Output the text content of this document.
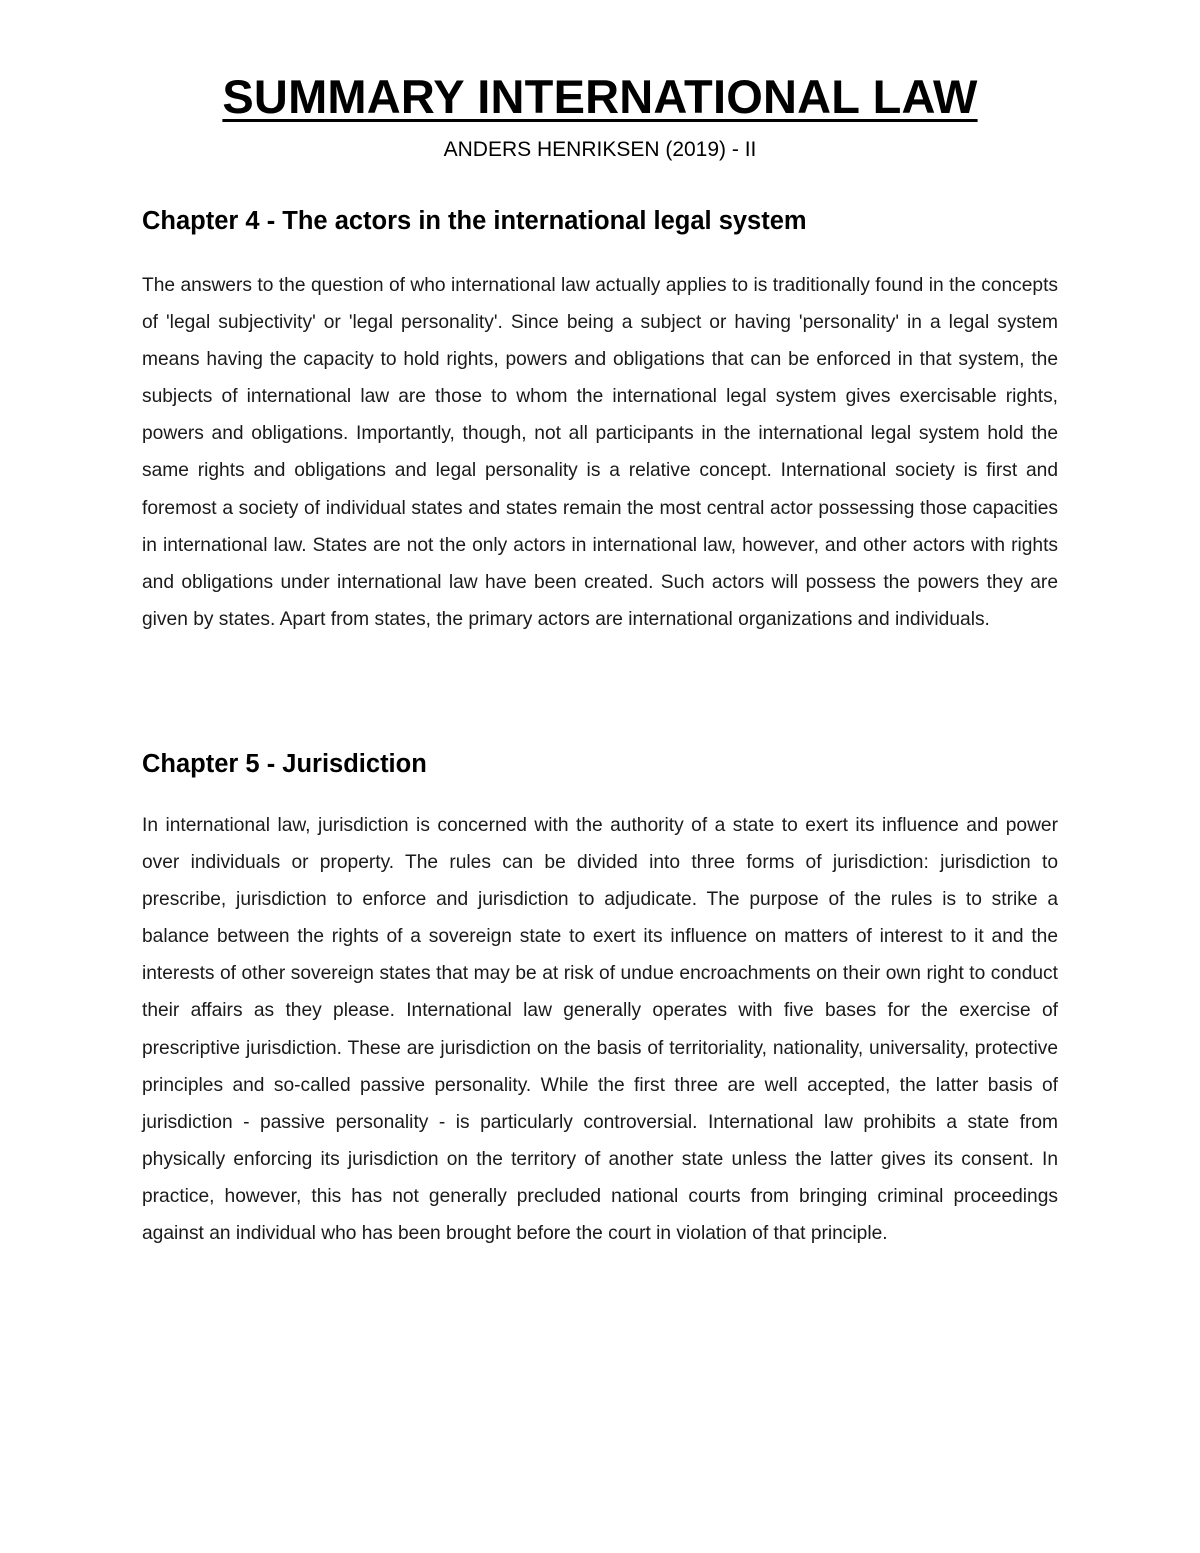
SUMMARY INTERNATIONAL LAW

ANDERS HENRIKSEN (2019) - II

Chapter 4 - The actors in the international legal system

The answers to the question of who international law actually applies to is traditionally found in the concepts of 'legal subjectivity' or 'legal personality'. Since being a subject or having 'personality' in a legal system means having the capacity to hold rights, powers and obligations that can be enforced in that system, the subjects of international law are those to whom the international legal system gives exercisable rights, powers and obligations. Importantly, though, not all participants in the international legal system hold the same rights and obligations and legal personality is a relative concept. International society is first and foremost a society of individual states and states remain the most central actor possessing those capacities in international law. States are not the only actors in international law, however, and other actors with rights and obligations under international law have been created. Such actors will possess the powers they are given by states. Apart from states, the primary actors are international organizations and individuals.

Chapter 5 - Jurisdiction

In international law, jurisdiction is concerned with the authority of a state to exert its influence and power over individuals or property. The rules can be divided into three forms of jurisdiction: jurisdiction to prescribe, jurisdiction to enforce and jurisdiction to adjudicate. The purpose of the rules is to strike a balance between the rights of a sovereign state to exert its influence on matters of interest to it and the interests of other sovereign states that may be at risk of undue encroachments on their own right to conduct their affairs as they please. International law generally operates with five bases for the exercise of prescriptive jurisdiction. These are jurisdiction on the basis of territoriality, nationality, universality, protective principles and so-called passive personality. While the first three are well accepted, the latter basis of jurisdiction - passive personality - is particularly controversial. International law prohibits a state from physically enforcing its jurisdiction on the territory of another state unless the latter gives its consent. In practice, however, this has not generally precluded national courts from bringing criminal proceedings against an individual who has been brought before the court in violation of that principle.
